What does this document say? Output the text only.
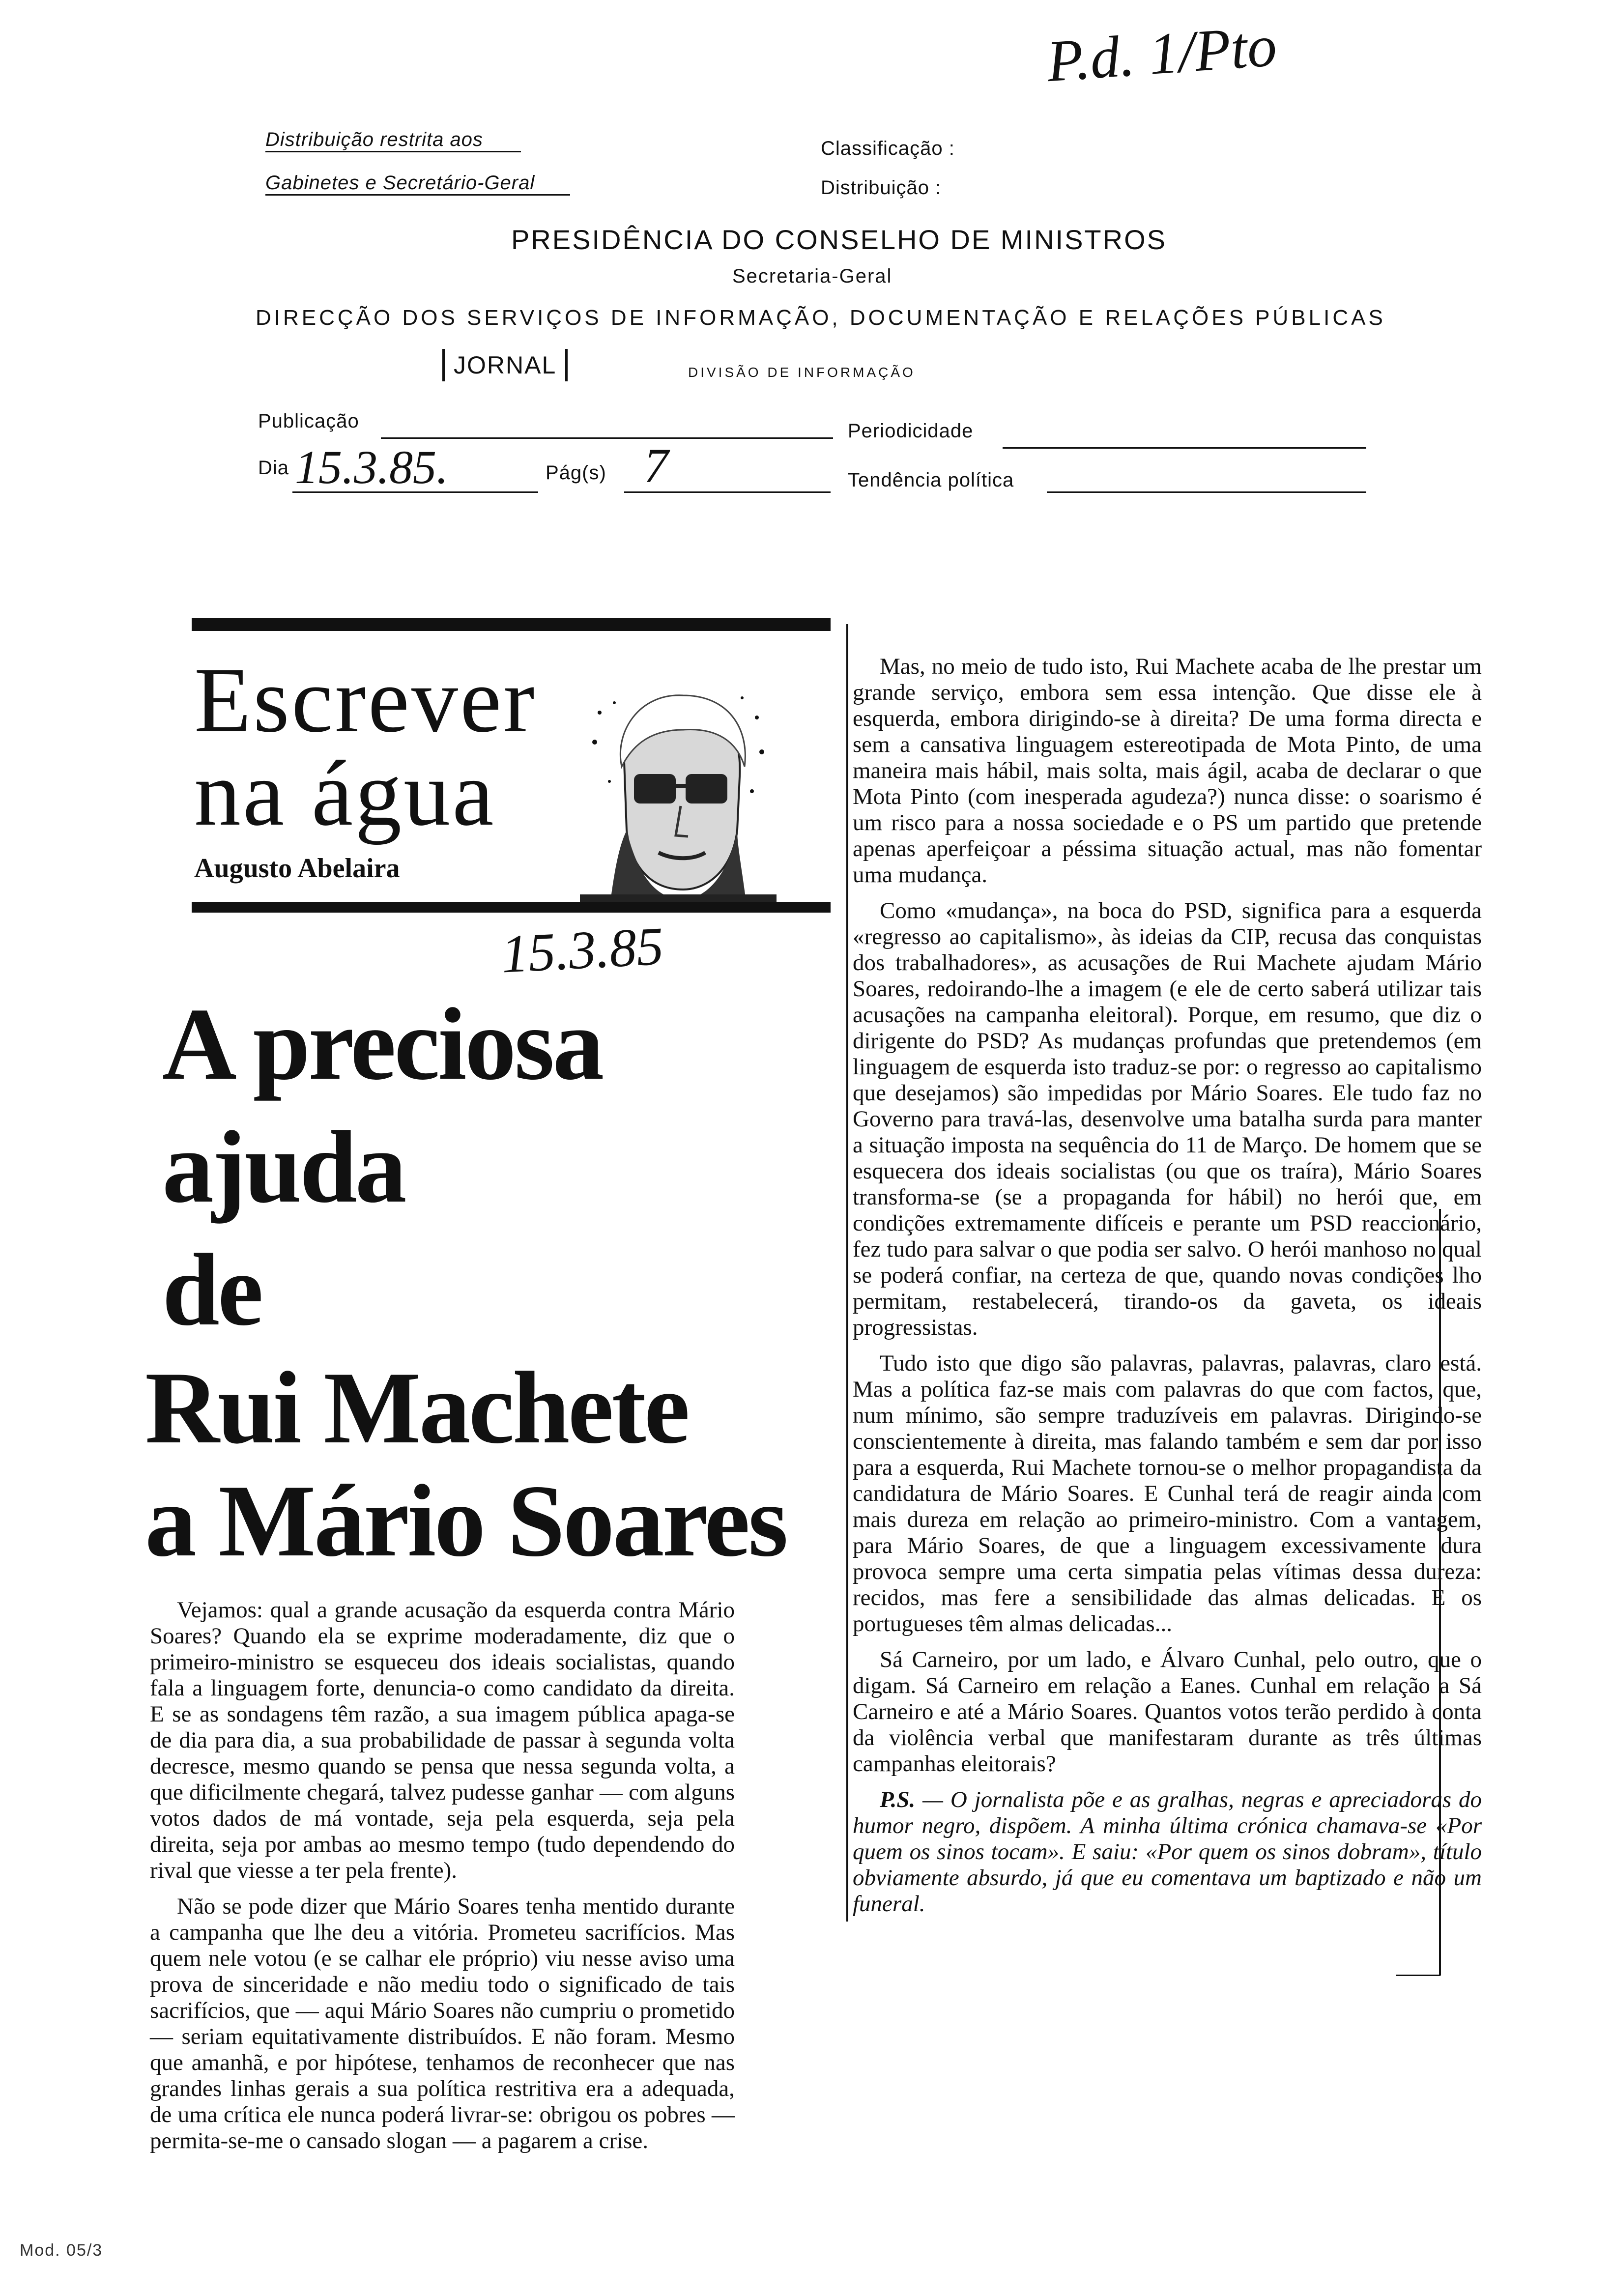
P.d. 1/Pto
Distribuição restrita aos
Gabinetes e Secretário-Geral
Classificação :
Distribuição :
PRESIDÊNCIA DO CONSELHO DE MINISTROS
Secretaria-Geral
DIRECÇÃO DOS SERVIÇOS DE INFORMAÇÃO, DOCUMENTAÇÃO E RELAÇÕES PÚBLICAS
JORNAL	DIVISÃO DE INFORMAÇÃO
Publicação	Periodicidade
Dia 15.3.85.	Pág(s) 7	Tendência política
Escrever
na água
Augusto Abelaira
15.3.85
A preciosa
ajuda
de
Rui Machete
a Mário Soares

Vejamos: qual a grande acusação da esquerda contra Mário Soares? Quando ela se exprime moderadamente, diz que o primeiro-ministro se esqueceu dos ideais socialistas, quando fala a linguagem forte, denuncia-o como candidato da direita. E se as sondagens têm razão, a sua imagem pública apaga-se de dia para dia, a sua probabilidade de passar à segunda volta decresce, mesmo quando se pensa que nessa segunda volta, a que dificilmente chegará, talvez pudesse ganhar — com alguns votos dados de má vontade, seja pela esquerda, seja pela direita, seja por ambas ao mesmo tempo (tudo dependendo do rival que viesse a ter pela frente).

Não se pode dizer que Mário Soares tenha mentido durante a campanha que lhe deu a vitória. Prometeu sacrifícios. Mas quem nele votou (e se calhar ele próprio) viu nesse aviso uma prova de sinceridade e não mediu todo o significado de tais sacrifícios, que — aqui Mário Soares não cumpriu o prometido — seriam equitativamente distribuídos. E não foram. Mesmo que amanhã, e por hipótese, tenhamos de reconhecer que nas grandes linhas gerais a sua política restritiva era a adequada, de uma crítica ele nunca poderá livrar-se: obrigou os pobres — permita-se-me o cansado slogan — a pagarem a crise.

Mas, no meio de tudo isto, Rui Machete acaba de lhe prestar um grande serviço, embora sem essa intenção. Que disse ele à esquerda, embora dirigindo-se à direita? De uma forma directa e sem a cansativa linguagem estereotipada de Mota Pinto, de uma maneira mais hábil, mais solta, mais ágil, acaba de declarar o que Mota Pinto (com inesperada agudeza?) nunca disse: o soarismo é um risco para a nossa sociedade e o PS um partido que pretende apenas aperfeiçoar a péssima situação actual, mas não fomentar uma mudança.

Como «mudança», na boca do PSD, significa para a esquerda «regresso ao capitalismo», às ideias da CIP, recusa das conquistas dos trabalhadores», as acusações de Rui Machete ajudam Mário Soares, redoirando-lhe a imagem (e ele de certo saberá utilizar tais acusações na campanha eleitoral). Porque, em resumo, que diz o dirigente do PSD? As mudanças profundas que pretendemos (em linguagem de esquerda isto traduz-se por: o regresso ao capitalismo que desejamos) são impedidas por Mário Soares. Ele tudo faz no Governo para travá-las, desenvolve uma batalha surda para manter a situação imposta na sequência do 11 de Março. De homem que se esquecera dos ideais socialistas (ou que os traíra), Mário Soares transforma-se (se a propaganda for hábil) no herói que, em condições extremamente difíceis e perante um PSD reaccionário, fez tudo para salvar o que podia ser salvo. O herói manhoso no qual se poderá confiar, na certeza de que, quando novas condições lho permitam, restabelecerá, tirando-os da gaveta, os ideais progressistas.

Tudo isto que digo são palavras, palavras, palavras, claro está. Mas a política faz-se mais com palavras do que com factos, que, num mínimo, são sempre traduzíveis em palavras. Dirigindo-se conscientemente à direita, mas falando também e sem dar por isso para a esquerda, Rui Machete tornou-se o melhor propagandista da candidatura de Mário Soares. E Cunhal terá de reagir ainda com mais dureza em relação ao primeiro-ministro. Com a vantagem, para Mário Soares, de que a linguagem excessivamente dura provoca sempre uma certa simpatia pelas vítimas dessa dureza: recidos, mas fere a sensibilidade das almas delicadas. E os portugueses têm almas delicadas...

Sá Carneiro, por um lado, e Álvaro Cunhal, pelo outro, que o digam. Sá Carneiro em relação a Eanes. Cunhal em relação a Sá Carneiro e até a Mário Soares. Quantos votos terão perdido à conta da violência verbal que manifestaram durante as três últimas campanhas eleitorais?

P.S. — O jornalista põe e as gralhas, negras e apreciadoras do humor negro, dispõem. A minha última crónica chamava-se «Por quem os sinos tocam». E saiu: «Por quem os sinos dobram», título obviamente absurdo, já que eu comentava um baptizado e não um funeral.

Mod. 05/3
